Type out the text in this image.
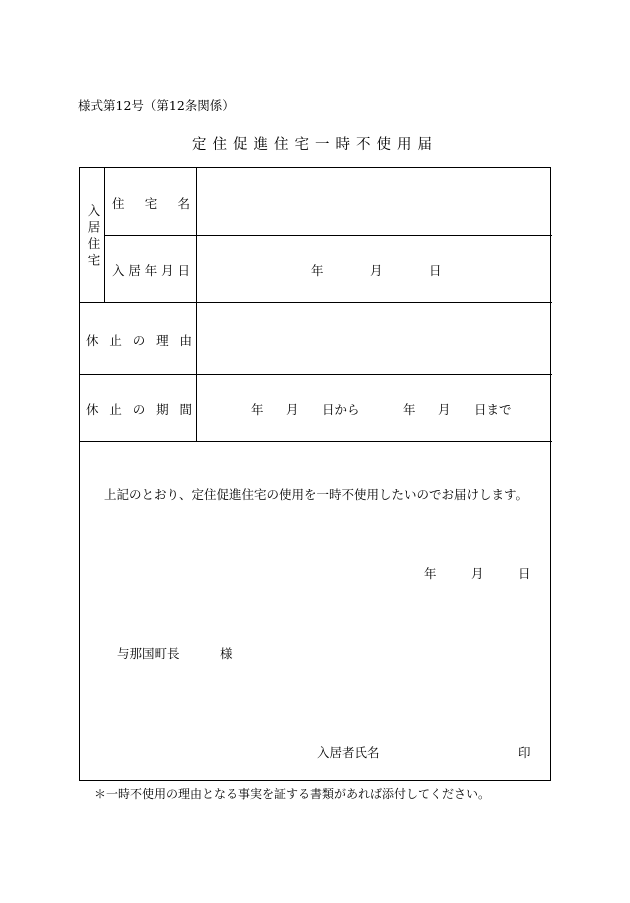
様式第12号（第12条関係）
定住促進住宅一時不使用届
入居住宅
住 宅 名
入 居 年 月 日	年	月	日
休 止 の 理 由
休 止 の 期 間	年 月 日から	年 月 日まで
上記のとおり、定住促進住宅の使用を一時不使用したいのでお届けします。
年	月	日
与那国町長	様
入居者氏名	印
＊一時不使用の理由となる事実を証する書類があれば添付してください。
